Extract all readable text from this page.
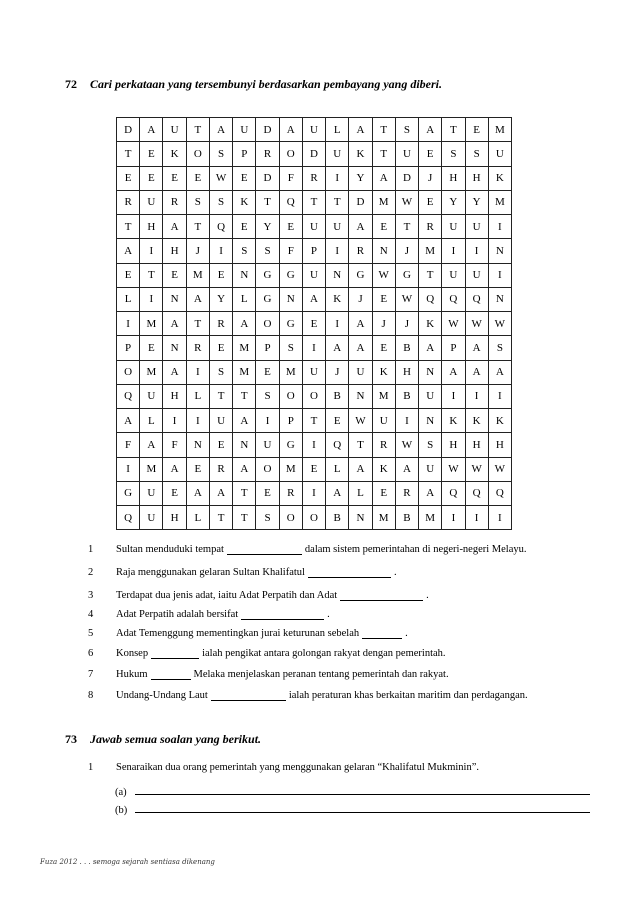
72 Cari perkataan yang tersembunyi berdasarkan pembayang yang diberi.
D	A	U	T	A	U	D	A	U	L	A	T	S	A	T	E	M
T	E	K	O	S	P	R	O	D	U	K	T	U	E	S	S	U
E	E	E	E	W	E	D	F	R	I	Y	A	D	J	H	H	K
R	U	R	S	S	K	T	Q	T	T	D	M	W	E	Y	Y	M
T	H	A	T	Q	E	Y	E	U	U	A	E	T	R	U	U	I
A	I	H	J	I	S	S	F	P	I	R	N	J	M	I	I	N
E	T	E	M	E	N	G	G	U	N	G	W	G	T	U	U	I
L	I	N	A	Y	L	G	N	A	K	J	E	W	Q	Q	Q	N
I	M	A	T	R	A	O	G	E	I	A	J	J	K	W	W	W
P	E	N	R	E	M	P	S	I	A	A	E	B	A	P	A	S
O	M	A	I	S	M	E	M	U	J	U	K	H	N	A	A	A
Q	U	H	L	T	T	S	O	O	B	N	M	B	U	I	I	I
A	L	I	I	U	A	I	P	T	E	W	U	I	N	K	K	K
F	A	F	N	E	N	U	G	I	Q	T	R	W	S	H	H	H
I	M	A	E	R	A	O	M	E	L	A	K	A	U	W	W	W
G	U	E	A	A	T	E	R	I	A	L	E	R	A	Q	Q	Q
Q	U	H	L	T	T	S	O	O	B	N	M	B	M	I	I	I
1	Sultan menduduki tempat	dalam sistem pemerintahan di negeri-negeri Melayu.
2	Raja menggunakan gelaran Sultan Khalifatul	.
3	Terdapat dua jenis adat, iaitu Adat Perpatih dan Adat	.
4	Adat Perpatih adalah bersifat	.
5	Adat Temenggung mementingkan jurai keturunan sebelah	.
6	Konsep	ialah pengikat antara golongan rakyat dengan pemerintah.
7	Hukum	Melaka menjelaskan peranan tentang pemerintah dan rakyat.
8	Undang-Undang Laut	ialah peraturan khas berkaitan maritim dan perdagangan.
73 Jawab semua soalan yang berikut.
1	Senaraikan dua orang pemerintah yang menggunakan gelaran “Khalifatul Mukminin”.
(a)
(b)
Fuza 2012 . . . semoga sejarah sentiasa dikenang
